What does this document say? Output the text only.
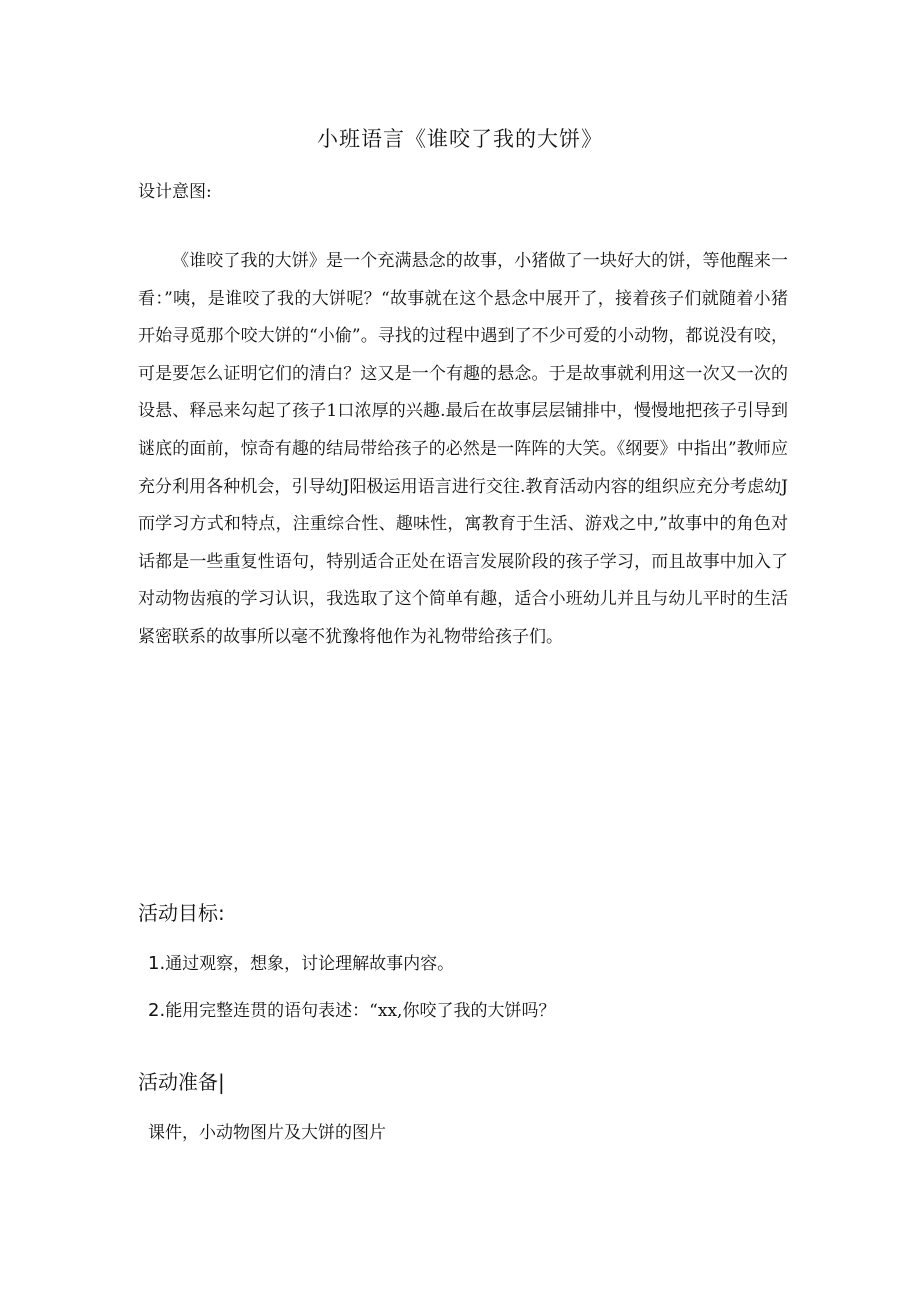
小班语言《谁咬了我的大饼》
设计意图:

《谁咬了我的大饼》是一个充满悬念的故事，小猪做了一块好大的饼，等他醒来一看：”咦，是谁咬了我的大饼呢？“故事就在这个悬念中展开了，接着孩子们就随着小猪开始寻觅那个咬大饼的“小偷”。寻找的过程中遇到了不少可爱的小动物，都说没有咬，可是要怎么证明它们的清白？这又是一个有趣的悬念。于是故事就利用这一次又一次的设悬、释忌来勾起了孩子1口浓厚的兴趣.最后在故事层层铺排中，慢慢地把孩子引导到谜底的面前，惊奇有趣的结局带给孩子的必然是一阵阵的大笑。《纲要》中指出”教师应充分利用各种机会，引导幼J阳极运用语言进行交往.教育活动内容的组织应充分考虑幼J而学习方式和特点，注重综合性、趣味性，寓教育于生活、游戏之中,”故事中的角色对话都是一些重复性语句，特别适合正处在语言发展阶段的孩子学习，而且故事中加入了对动物齿痕的学习认识，我选取了这个简单有趣，适合小班幼儿并且与幼儿平时的生活紧密联系的故事所以毫不犹豫将他作为礼物带给孩子们。

活动目标:
1.通过观察，想象，讨论理解故事内容。
2.能用完整连贯的语句表述：“xx,你咬了我的大饼吗？
活动准备|
课件，小动物图片及大饼的图片
